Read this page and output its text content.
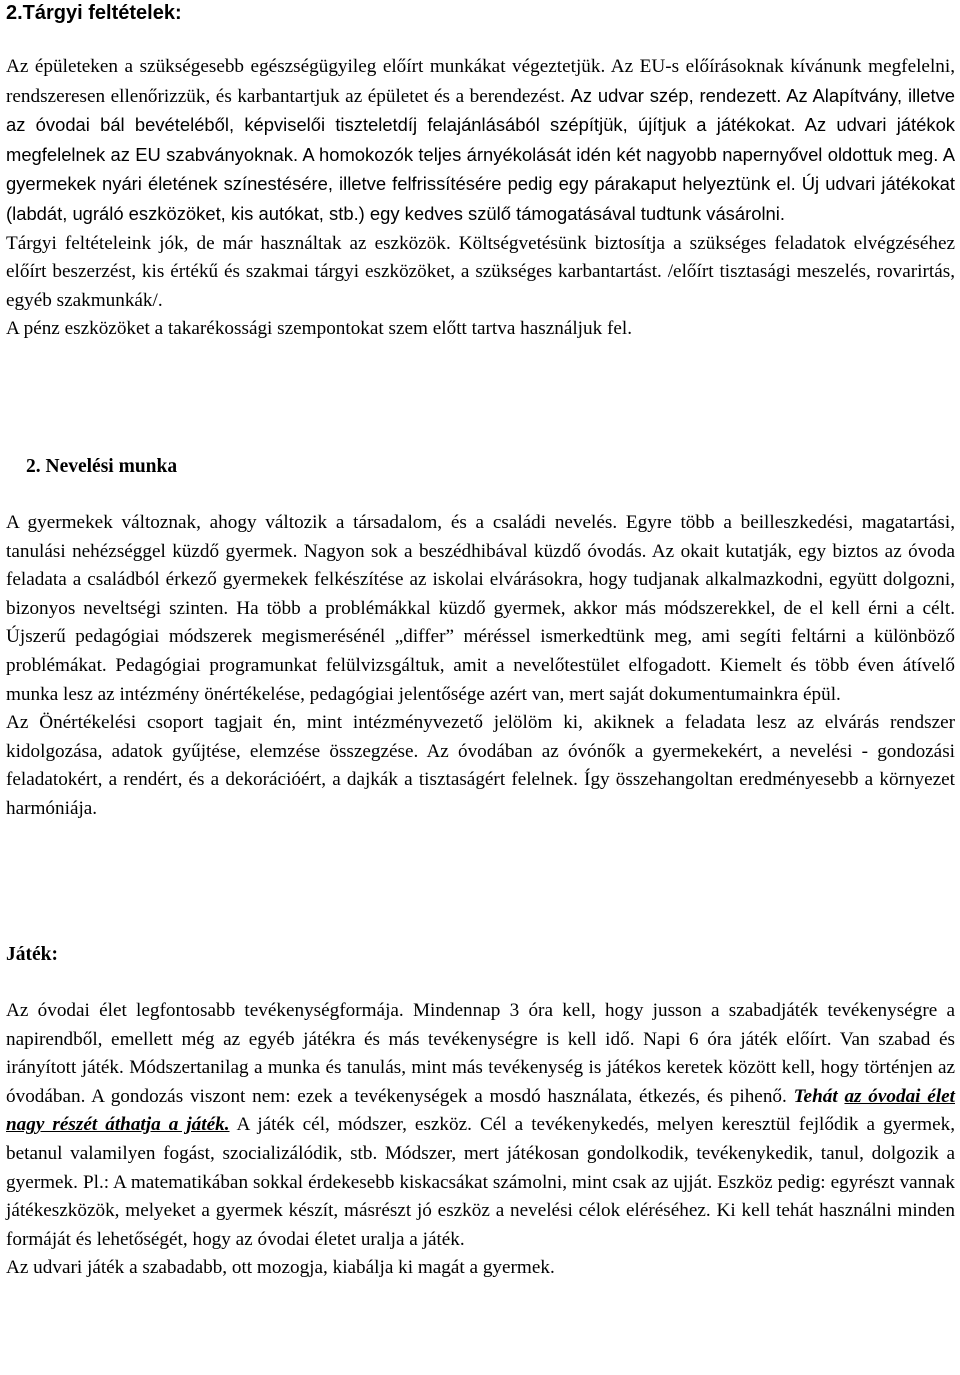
2.Tárgyi feltételek:

Az épületeken a szükségesebb egészségügyileg előírt munkákat végeztetjük. Az EU-s előírásoknak kívánunk megfelelni, rendszeresen ellenőrizzük, és karbantartjuk az épületet és a berendezést. Az udvar szép, rendezett. Az Alapítvány, illetve az óvodai bál bevételéből, képviselői tiszteletdíj felajánlásából szépítjük, újítjuk a játékokat. Az udvari játékok megfelelnek az EU szabványoknak. A homokozók teljes árnyékolását idén két nagyobb napernyővel oldottuk meg. A gyermekek nyári életének színestésére, illetve felfrissítésére pedig egy párakaput helyeztünk el. Új udvari játékokat (labdát, ugráló eszközöket, kis autókat, stb.) egy kedves szülő támogatásával tudtunk vásárolni.

Tárgyi feltételeink jók, de már használtak az eszközök. Költségvetésünk biztosítja a szükséges feladatok elvégzéséhez előírt beszerzést, kis értékű és szakmai tárgyi eszközöket, a szükséges karbantartást. /előírt tisztasági meszelés, rovarirtás, egyéb szakmunkák/.

A pénz eszközöket a takarékossági szempontokat szem előtt tartva használjuk fel.

2. Nevelési munka

A gyermekek változnak, ahogy változik a társadalom, és a családi nevelés. Egyre több a beilleszkedési, magatartási, tanulási nehézséggel küzdő gyermek. Nagyon sok a beszédhibával küzdő óvodás. Az okait kutatják, egy biztos az óvoda feladata a családból érkező gyermekek felkészítése az iskolai elvárásokra, hogy tudjanak alkalmazkodni, együtt dolgozni, bizonyos neveltségi szinten. Ha több a problémákkal küzdő gyermek, akkor más módszerekkel, de el kell érni a célt. Újszerű pedagógiai módszerek megismerésénél „differ” méréssel ismerkedtünk meg, ami segíti feltárni a különböző problémákat. Pedagógiai programunkat felülvizsgáltuk, amit a nevelőtestület elfogadott. Kiemelt és több éven átívelő munka lesz az intézmény önértékelése, pedagógiai jelentősége azért van, mert saját dokumentumainkra épül.

Az Önértékelési csoport tagjait én, mint intézményvezető jelölöm ki, akiknek a feladata lesz az elvárás rendszer kidolgozása, adatok gyűjtése, elemzése összegzése. Az óvodában az óvónők a gyermekekért, a nevelési - gondozási feladatokért, a rendért, és a dekorációért, a dajkák a tisztaságért felelnek. Így összehangoltan eredményesebb a környezet harmóniája.

Játék:

Az óvodai élet legfontosabb tevékenységformája. Mindennap 3 óra kell, hogy jusson a szabadjáték tevékenységre a napirendből, emellett még az egyéb játékra és más tevékenységre is kell idő. Napi 6 óra játék előírt. Van szabad és irányított játék. Módszertanilag a munka és tanulás, mint más tevékenység is játékos keretek között kell, hogy történjen az óvodában. A gondozás viszont nem: ezek a tevékenységek a mosdó használata, étkezés, és pihenő. Tehát az óvodai élet nagy részét áthatja a játék. A játék cél, módszer, eszköz. Cél a tevékenykedés, melyen keresztül fejlődik a gyermek, betanul valamilyen fogást, szocializálódik, stb. Módszer, mert játékosan gondolkodik, tevékenykedik, tanul, dolgozik a gyermek. Pl.: A matematikában sokkal érdekesebb kiskacsákat számolni, mint csak az ujját. Eszköz pedig: egyrészt vannak játékeszközök, melyeket a gyermek készít, másrészt jó eszköz a nevelési célok eléréséhez. Ki kell tehát használni minden formáját és lehetőségét, hogy az óvodai életet uralja a játék.

Az udvari játék a szabadabb, ott mozogja, kiabálja ki magát a gyermek.
